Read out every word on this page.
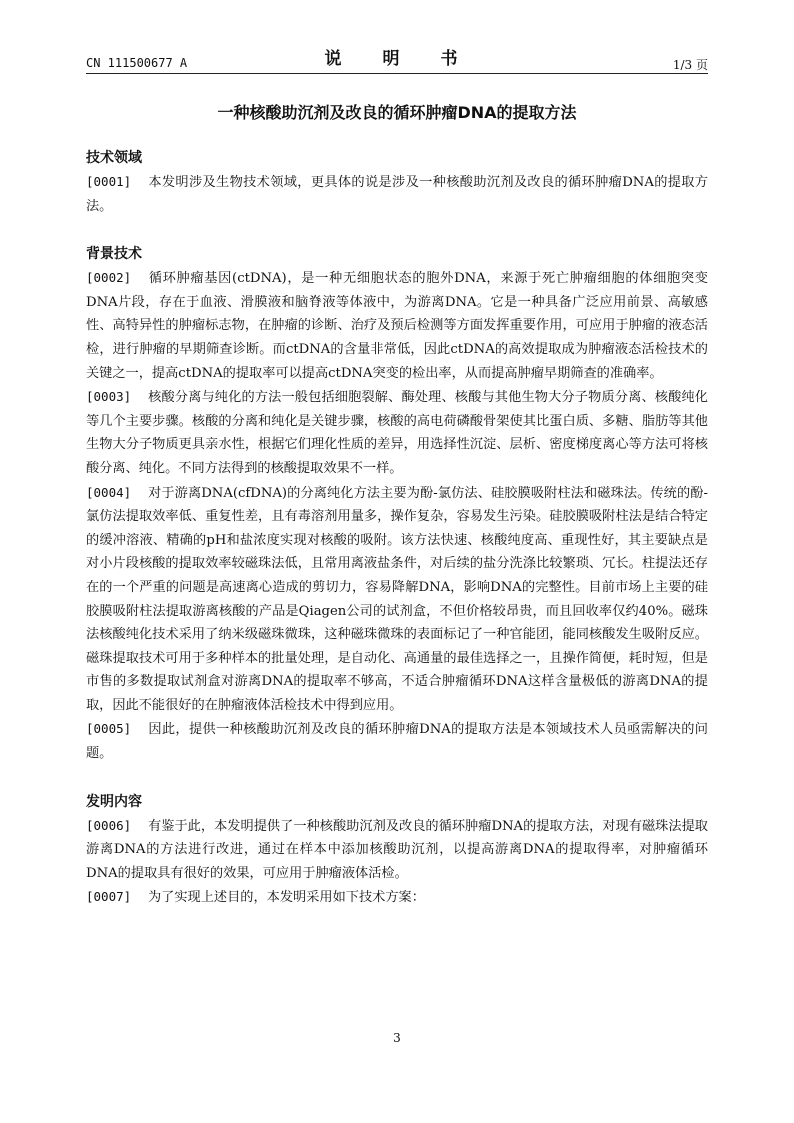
CN 111500677 A	说　明　书	1/3 页
一种核酸助沉剂及改良的循环肿瘤DNA的提取方法

技术领域

[0001] 本发明涉及生物技术领域，更具体的说是涉及一种核酸助沉剂及改良的循环肿瘤DNA的提取方法。

背景技术

[0002] 循环肿瘤基因(ctDNA)，是一种无细胞状态的胞外DNA，来源于死亡肿瘤细胞的体细胞突变DNA片段，存在于血液、滑膜液和脑脊液等体液中，为游离DNA。它是一种具备广泛应用前景、高敏感性、高特异性的肿瘤标志物，在肿瘤的诊断、治疗及预后检测等方面发挥重要作用，可应用于肿瘤的液态活检，进行肿瘤的早期筛查诊断。而ctDNA的含量非常低，因此ctDNA的高效提取成为肿瘤液态活检技术的关键之一，提高ctDNA的提取率可以提高ctDNA突变的检出率，从而提高肿瘤早期筛查的准确率。

[0003] 核酸分离与纯化的方法一般包括细胞裂解、酶处理、核酸与其他生物大分子物质分离、核酸纯化等几个主要步骤。核酸的分离和纯化是关键步骤，核酸的高电荷磷酸骨架使其比蛋白质、多糖、脂肪等其他生物大分子物质更具亲水性，根据它们理化性质的差异，用选择性沉淀、层析、密度梯度离心等方法可将核酸分离、纯化。不同方法得到的核酸提取效果不一样。

[0004] 对于游离DNA(cfDNA)的分离纯化方法主要为酚-氯仿法、硅胶膜吸附柱法和磁珠法。传统的酚-氯仿法提取效率低、重复性差，且有毒溶剂用量多，操作复杂，容易发生污染。硅胶膜吸附柱法是结合特定的缓冲溶液、精确的pH和盐浓度实现对核酸的吸附。该方法快速、核酸纯度高、重现性好，其主要缺点是对小片段核酸的提取效率较磁珠法低，且常用离液盐条件，对后续的盐分洗涤比较繁琐、冗长。柱提法还存在的一个严重的问题是高速离心造成的剪切力，容易降解DNA，影响DNA的完整性。目前市场上主要的硅胶膜吸附柱法提取游离核酸的产品是Qiagen公司的试剂盒，不但价格较昂贵，而且回收率仅约40%。磁珠法核酸纯化技术采用了纳米级磁珠微珠，这种磁珠微珠的表面标记了一种官能团，能同核酸发生吸附反应。磁珠提取技术可用于多种样本的批量处理，是自动化、高通量的最佳选择之一，且操作简便，耗时短，但是市售的多数提取试剂盒对游离DNA的提取率不够高，不适合肿瘤循环DNA这样含量极低的游离DNA的提取，因此不能很好的在肿瘤液体活检技术中得到应用。

[0005] 因此，提供一种核酸助沉剂及改良的循环肿瘤DNA的提取方法是本领域技术人员亟需解决的问题。

发明内容

[0006] 有鉴于此，本发明提供了一种核酸助沉剂及改良的循环肿瘤DNA的提取方法，对现有磁珠法提取游离DNA的方法进行改进，通过在样本中添加核酸助沉剂，以提高游离DNA的提取得率，对肿瘤循环DNA的提取具有很好的效果，可应用于肿瘤液体活检。

[0007] 为了实现上述目的，本发明采用如下技术方案：

3
